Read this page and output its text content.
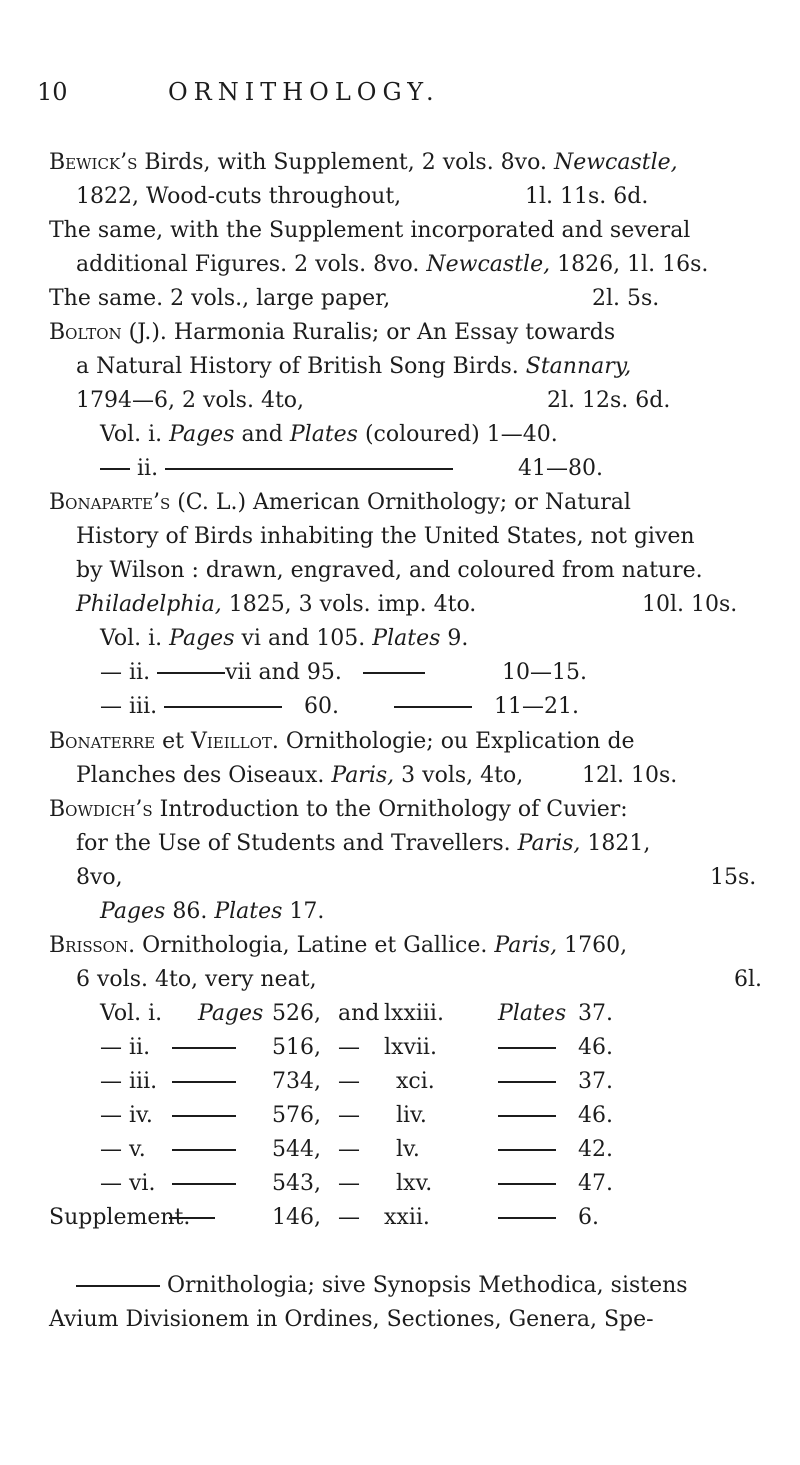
10	ORNITHOLOGY.
Bewick’s Birds, with Supplement, 2 vols. 8vo. Newcastle,
1822, Wood-cuts throughout,	1l. 11s. 6d.
The same, with the Supplement incorporated and several
additional Figures. 2 vols. 8vo. Newcastle, 1826, 1l. 16s.
The same. 2 vols., large paper,	2l. 5s.
Bolton (J.). Harmonia Ruralis; or An Essay towards
a Natural History of British Song Birds. Stannary,
1794—6, 2 vols. 4to,	2l. 12s. 6d.
Vol. i. Pages and Plates (coloured) 1—40.
ii.	41—80.
Bonaparte’s (C. L.) American Ornithology; or Natural
History of Birds inhabiting the United States, not given
by Wilson : drawn, engraved, and coloured from nature.
Philadelphia, 1825, 3 vols. imp. 4to.	10l. 10s.
Vol. i. Pages vi and 105. Plates 9.
— ii.	vii and 95.	10—15.
— iii.	60.	11—21.
Bonaterre et Vieillot. Ornithologie; ou Explication de
Planches des Oiseaux. Paris, 3 vols, 4to,	12l. 10s.
Bowdich’s Introduction to the Ornithology of Cuvier:
for the Use of Students and Travellers. Paris, 1821,
8vo,	15s.
Pages 86. Plates 17.
Brisson. Ornithologia, Latine et Gallice. Paris, 1760,
6 vols. 4to, very neat,	6l.
Vol. i. Pages 526, and lxxiii. Plates 37.
— ii.	516, — lxvii.	46.
— iii.	734, — xci.	37.
— iv.	576, — liv.	46.
— v.	544, — lv.	42.
— vi.	543, — lxv.	47.
Supplement.	146, — xxii.	6.
Ornithologia; sive Synopsis Methodica, sistens
Avium Divisionem in Ordines, Sectiones, Genera, Spe-
